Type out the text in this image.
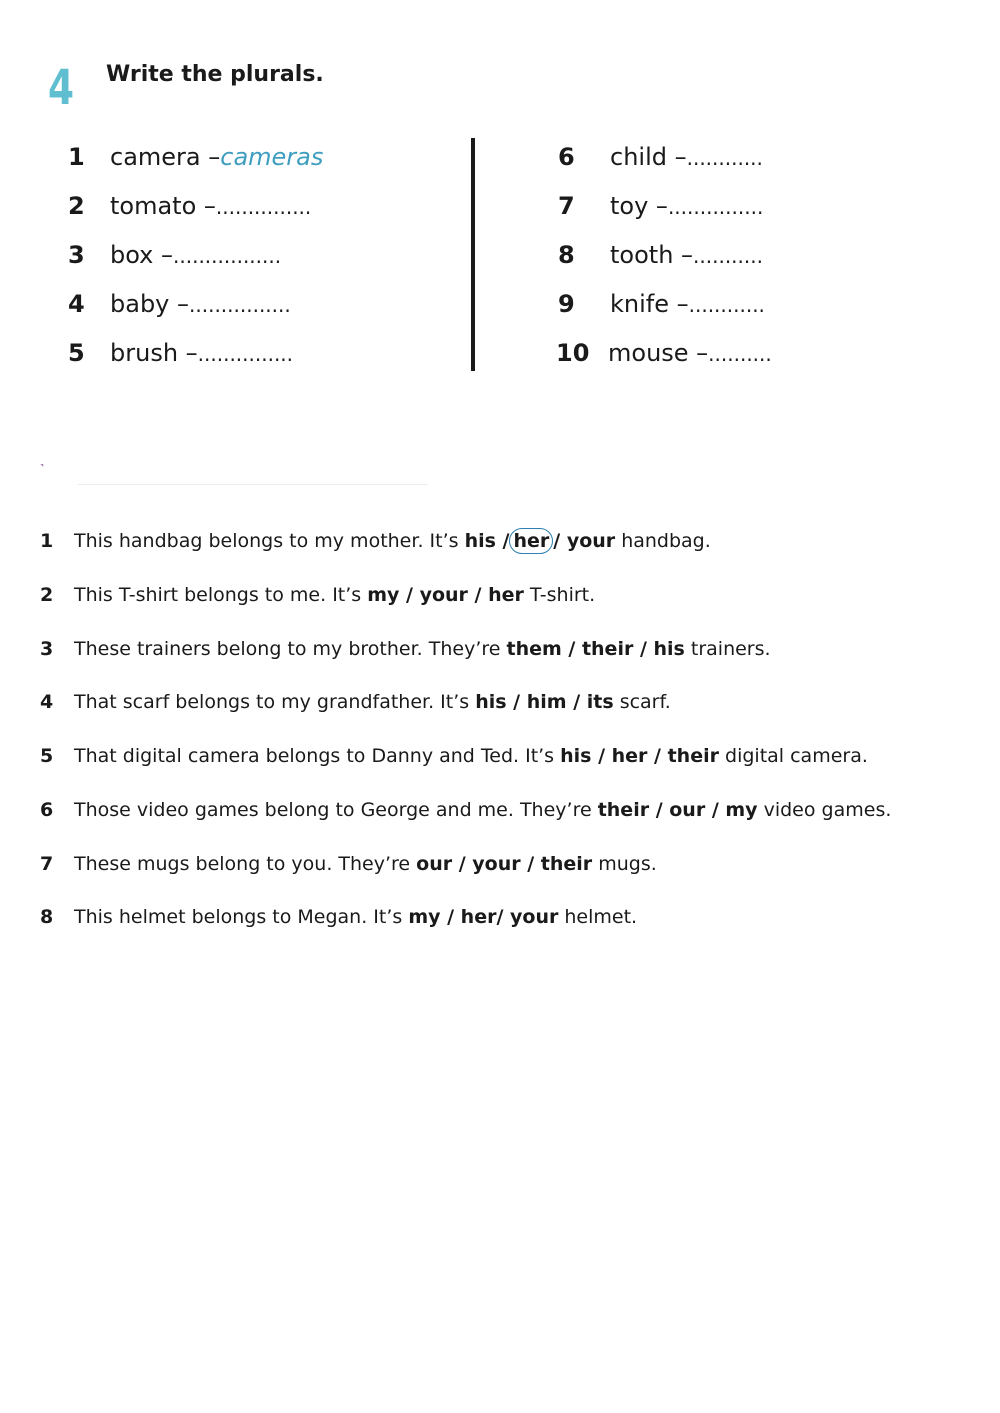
4 Write the plurals.
1 camera –cameras
2 tomato –...............
3 box –.................
4 baby –................
5 brush –...............
6 child –............
7 toy –...............
8 tooth –...........
9 knife –............
10 mouse –..........
˺
1 This handbag belongs to my mother. It’s his / her / your handbag.
2 This T-shirt belongs to me. It’s my / your / her T-shirt.
3 These trainers belong to my brother. They’re them / their / his trainers.
4 That scarf belongs to my grandfather. It’s his / him / its scarf.
5 That digital camera belongs to Danny and Ted. It’s his / her / their digital camera.
6 Those video games belong to George and me. They’re their / our / my video games.
7 These mugs belong to you. They’re our / your / their mugs.
8 This helmet belongs to Megan. It’s my / her/ your helmet.
